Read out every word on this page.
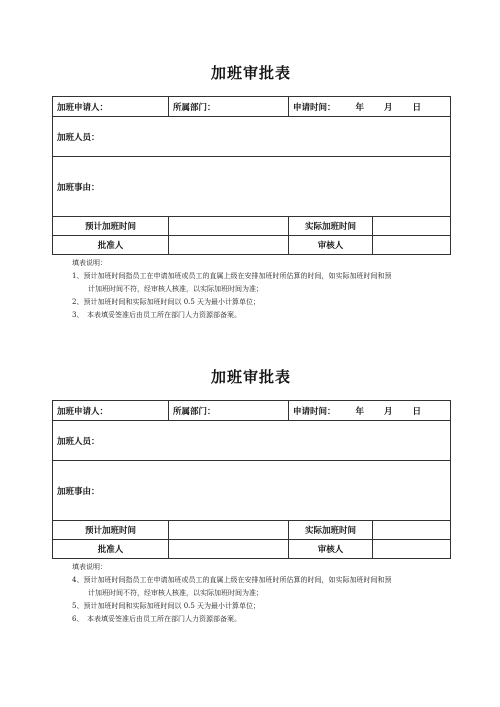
加班审批表
加班申请人：	所属部门：	申请时间： 年 月 日	
加班人员：			
加班事由：			
预计加班时间		实际加班时间	
批准人		审核人	
填表说明：
1、预计加班时间指员工在申请加班或员工的直属上级在安排加班时所估算的时间，如实际加班时间和预
计加班时间不符，经审核人核准，以实际加班时间为准；
2、预计加班时间和实际加班时间以 0.5 天为最小计算单位；
3、　本表填妥签准后由员工所在部门人力资源部备案。
加班审批表
加班申请人：	所属部门：	申请时间： 年 月 日	
加班人员：			
加班事由：			
预计加班时间		实际加班时间	
批准人		审核人	
填表说明：
4、预计加班时间指员工在申请加班或员工的直属上级在安排加班时所估算的时间，如实际加班时间和预
计加班时间不符，经审核人核准，以实际加班时间为准；
5、预计加班时间和实际加班时间以 0.5 天为最小计算单位；
6、　本表填妥签准后由员工所在部门人力资源部备案。
